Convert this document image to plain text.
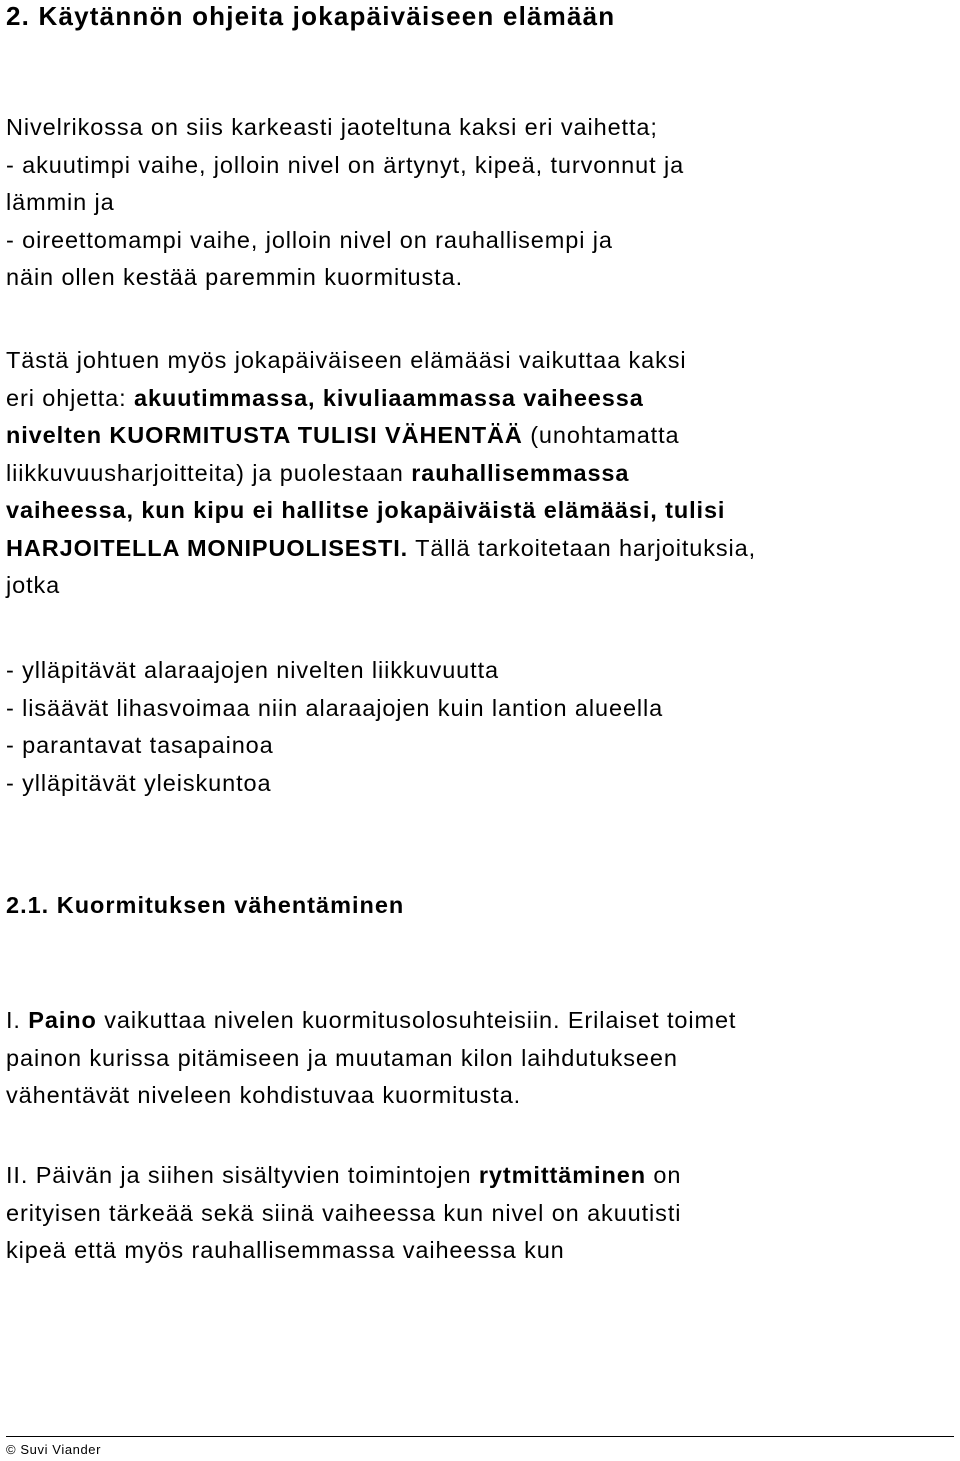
2. Käytännön ohjeita jokapäiväiseen elämään
Nivelrikossa on siis karkeasti jaoteltuna kaksi eri vaihetta;
- akuutimpi vaihe, jolloin nivel on ärtynyt, kipeä, turvonnut ja
lämmin ja
- oireettomampi vaihe, jolloin nivel on rauhallisempi ja
näin ollen kestää paremmin kuormitusta.
Tästä johtuen myös jokapäiväiseen elämääsi vaikuttaa kaksi
eri ohjetta: akuutimmassa, kivuliaammassa vaiheessa
nivelten KUORMITUSTA TULISI VÄHENTÄÄ (unohtamatta
liikkuvuusharjoitteita) ja puolestaan rauhallisemmassa
vaiheessa, kun kipu ei hallitse jokapäiväistä elämääsi, tulisi
HARJOITELLA MONIPUOLISESTI. Tällä tarkoitetaan harjoituksia,
jotka
- ylläpitävät alaraajojen nivelten liikkuvuutta
- lisäävät lihasvoimaa niin alaraajojen kuin lantion alueella
- parantavat tasapainoa
- ylläpitävät yleiskuntoa
2.1. Kuormituksen vähentäminen
I. Paino vaikuttaa nivelen kuormitusolosuhteisiin. Erilaiset toimet
painon kurissa pitämiseen ja muutaman kilon laihdutukseen
vähentävät niveleen kohdistuvaa kuormitusta.
II. Päivän ja siihen sisältyvien toimintojen rytmittäminen on
erityisen tärkeää sekä siinä vaiheessa kun nivel on akuutisti
kipeä että myös rauhallisemmassa vaiheessa kun
© Suvi Viander
